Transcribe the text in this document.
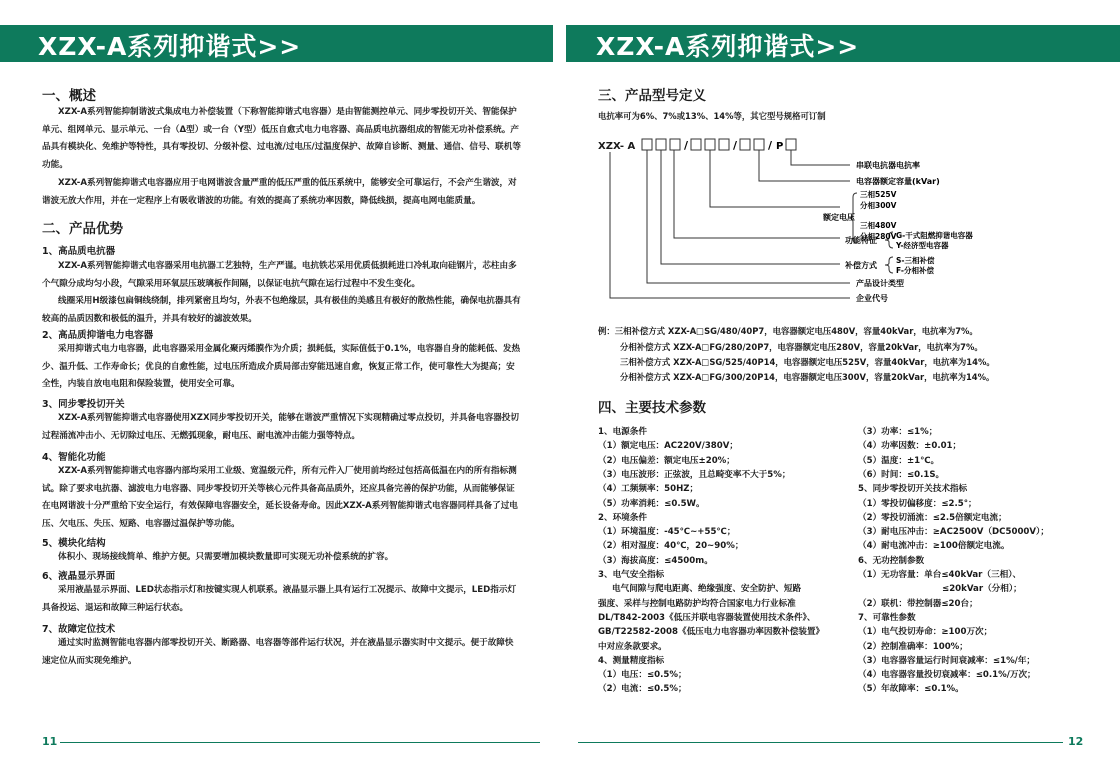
XZX-A系列抑谐式>>	XZX-A系列抑谐式>>
一、概述
XZX-A系列智能抑制谐波式集成电力补偿装置（下称智能抑谐式电容器）是由智能测控单元、同步零投切开关、智能保护单元、组网单元、显示单元、一台（Δ型）或一台（Y型）低压自愈式电力电容器、高品质电抗器组成的智能无功补偿系统。产品具有模块化、免维护等特性，具有零投切、分级补偿、过电流/过电压/过温度保护、故障自诊断、测量、通信、信号、联机等功能。
XZX-A系列智能抑谐式电容器应用于电网谐波含量严重的低压严重的低压系统中，能够安全可靠运行，不会产生谐波，对谐波无放大作用，并在一定程序上有吸收谐波的功能。有效的提高了系统功率因数，降低线损，提高电网电能质量。
二、产品优势
1、高品质电抗器
XZX-A系列智能抑谐式电容器采用电抗器工艺独特，生产严谨。电抗铁芯采用优质低损耗进口冷轧取向硅钢片，芯柱由多个气隙分成均匀小段，气隙采用环氧层压玻璃板作间隔，以保证电抗气隙在运行过程中不发生变化。
线圈采用H级漆包扁铜线绕制，排列紧密且均匀，外表不包绝缘层，具有极佳的美感且有极好的散热性能，确保电抗器具有较高的品质因数和极低的温升，并具有较好的滤波效果。
2、高品质抑谐电力电容器
采用抑谐式电力电容器，此电容器采用金属化聚丙烯膜作为介质；损耗低，实际值低于0.1%，电容器自身的能耗低、发热少、温升低、工作寿命长；优良的自愈性能，过电压所造成介质局部击穿能迅速自愈，恢复正常工作，使可靠性大为提高；安全性，内装自放电电阻和保险装置，使用安全可靠。
3、同步零投切开关
XZX-A系列智能抑谐式电容器使用XZX同步零投切开关，能够在谐波严重情况下实现精确过零点投切，并具备电容器投切过程涌流冲击小、无切除过电压、无燃弧现象，耐电压、耐电流冲击能力强等特点。
4、智能化功能
XZX-A系列智能抑谐式电容器内部均采用工业级、宽温级元件，所有元件入厂使用前均经过包括高低温在内的所有指标测试。除了要求电抗器、滤波电力电容器、同步零投切开关等核心元件具备高品质外，还应具备完善的保护功能，从而能够保证在电网谐波十分严重给下安全运行，有效保障电容器安全，延长设备寿命。因此XZX-A系列智能抑谐式电容器同样具备了过电压、欠电压、失压、短路、电容器过温保护等功能。
5、模块化结构
体积小、现场接线简单、维护方便。只需要增加模块数量即可实现无功补偿系统的扩容。
6、液晶显示界面
采用液晶显示界面、LED状态指示灯和按键实现人机联系。液晶显示器上具有运行工况提示、故障中文提示，LED指示灯具备投运、退运和故障三种运行状态。
7、故障定位技术
通过实时监测智能电容器内部零投切开关、断路器、电容器等部件运行状况，并在液晶显示器实时中文提示。便于故障快速定位从而实现免维护。
三、产品型号定义
电抗率可为6%、7%或13%、14%等，其它型号规格可订制
XZX- A	/	/	/ P
串联电抗器电抗率
电容器额定容量(kVar)
额定电压
三相525V
分相300V
三相480V
分相280V
功能特征
G-干式阻燃抑谐电容器
Y-经济型电容器
补偿方式
S-三相补偿
F-分相补偿
产品设计类型
企业代号
例：三相补偿方式 XZX-A□SG/480/40P7，电容器额定电压480V，容量40kVar，电抗率为7%。
分相补偿方式 XZX-A□FG/280/20P7，电容器额定电压280V，容量20kVar，电抗率为7%。
三相补偿方式 XZX-A□SG/525/40P14，电容器额定电压525V，容量40kVar，电抗率为14%。
分相补偿方式 XZX-A□FG/300/20P14，电容器额定电压300V，容量20kVar，电抗率为14%。
四、主要技术参数
1、电源条件
（1）额定电压：AC220V/380V；
（2）电压偏差：额定电压±20%；
（3）电压波形：正弦波，且总畸变率不大于5%；
（4）工频频率：50HZ；
（5）功率消耗：≤0.5W。
2、环境条件
（1）环境温度：-45℃~+55℃；
（2）相对湿度：40℃，20~90%；
（3）海拔高度：≤4500m。
3、电气安全指标
电气间隙与爬电距离、绝缘强度、安全防护、短路
强度、采样与控制电路防护均符合国家电力行业标准
DL/T842-2003《低压并联电容器装置使用技术条件》、
GB/T22582-2008《低压电力电容器功率因数补偿装置》
中对应条款要求。
4、测量精度指标
（1）电压：≤0.5%；
（2）电流：≤0.5%；
（3）功率：≤1%；
（4）功率因数：±0.01；
（5）温度：±1℃。
（6）时间：≤0.1S。
5、同步零投切开关技术指标
（1）零投切偏移度：≤2.5°；
（2）零投切涌流：≤2.5倍额定电流；
（3）耐电压冲击：≥AC2500V（DC5000V）；
（4）耐电流冲击：≥100倍额定电流。
6、无功控制参数
（1）无功容量：单台≤40kVar（三相）、
≤20kVar（分相）；
（2）联机：带控制器≤20台；
7、可靠性参数
（1）电气投切寿命：≥100万次；
（2）控制准确率：100%；
（3）电容器容量运行时间衰减率：≤1%/年；
（4）电容器容量投切衰减率：≤0.1%/万次；
（5）年故障率：≤0.1%。
11	12
